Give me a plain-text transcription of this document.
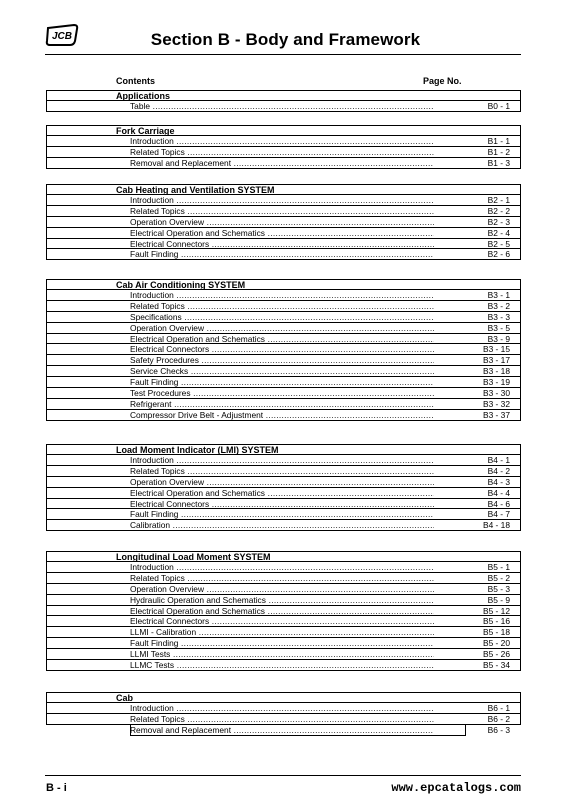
JCB	Section B - Body and Framework
Contents	Page No.
Applications
Table .....	B0 - 1
Fork Carriage
Introduction .....	B1 - 1
Related Topics .....	B1 - 2
Removal and Replacement .....	B1 - 3
Cab Heating and Ventilation SYSTEM
Introduction .....	B2 - 1
Related Topics .....	B2 - 2
Operation Overview .....	B2 - 3
Electrical Operation and Schematics .....	B2 - 4
Electrical Connectors .....	B2 - 5
Fault Finding .....	B2 - 6
Cab Air Conditioning SYSTEM
Introduction .....	B3 - 1
Related Topics .....	B3 - 2
Specifications .....	B3 - 3
Operation Overview .....	B3 - 5
Electrical Operation and Schematics .....	B3 - 9
Electrical Connectors .....	B3 - 15
Safety Procedures .....	B3 - 17
Service Checks .....	B3 - 18
Fault Finding .....	B3 - 19
Test Procedures .....	B3 - 30
Refrigerant .....	B3 - 32
Compressor Drive Belt - Adjustment .....	B3 - 37
Load Moment Indicator (LMI) SYSTEM
Introduction .....	B4 - 1
Related Topics .....	B4 - 2
Operation Overview .....	B4 - 3
Electrical Operation and Schematics .....	B4 - 4
Electrical Connectors .....	B4 - 6
Fault Finding .....	B4 - 7
Calibration .....	B4 - 18
Longitudinal Load Moment SYSTEM
Introduction .....	B5 - 1
Related Topics .....	B5 - 2
Operation Overview .....	B5 - 3
Hydraulic Operation and Schematics .....	B5 - 9
Electrical Operation and Schematics .....	B5 - 12
Electrical Connectors .....	B5 - 16
LLMI - Calibration .....	B5 - 18
Fault Finding .....	B5 - 20
LLMI Tests .....	B5 - 26
LLMC Tests .....	B5 - 34
Cab
Introduction .....	B6 - 1
Related Topics .....	B6 - 2
Removal and Replacement .....	B6 - 3
B - i	www.epcatalogs.com
